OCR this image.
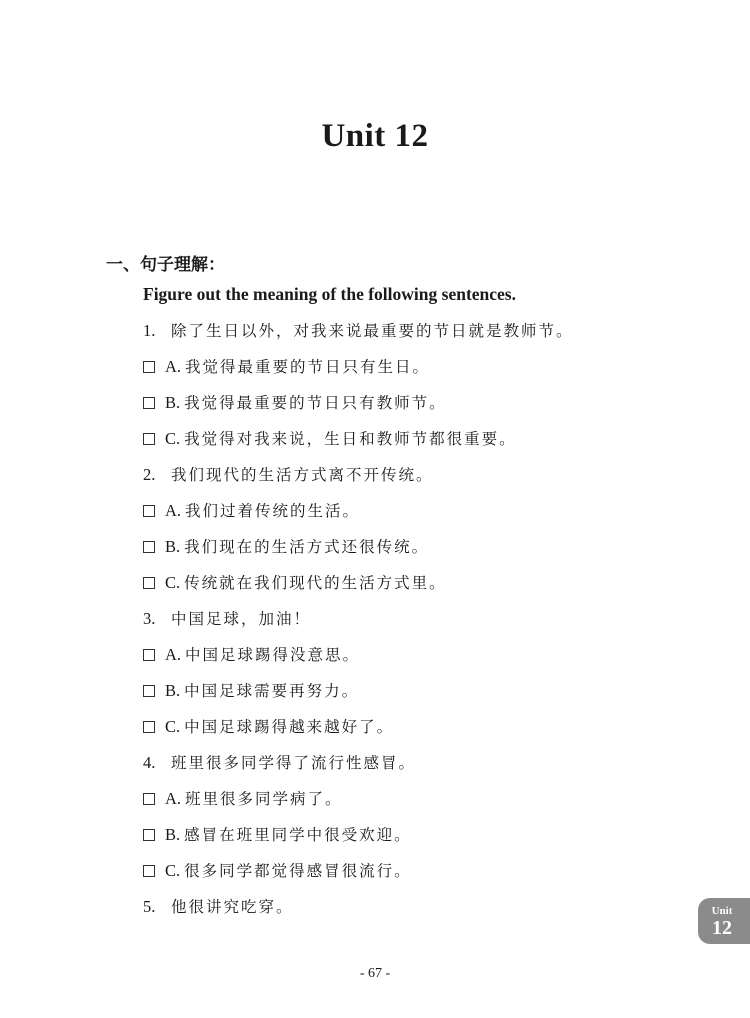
Unit 12
一、句子理解：

Figure out the meaning of the following sentences.

1.	除了生日以外，对我来说最重要的节日就是教师节。
A. 我觉得最重要的节日只有生日。
B. 我觉得最重要的节日只有教师节。
C. 我觉得对我来说，生日和教师节都很重要。
2.	我们现代的生活方式离不开传统。
A. 我们过着传统的生活。
B. 我们现在的生活方式还很传统。
C. 传统就在我们现代的生活方式里。
3.	中国足球，加油！
A. 中国足球踢得没意思。
B. 中国足球需要再努力。
C. 中国足球踢得越来越好了。
4.	班里很多同学得了流行性感冒。
A. 班里很多同学病了。
B. 感冒在班里同学中很受欢迎。
C. 很多同学都觉得感冒很流行。
5.	他很讲究吃穿。	Unit
12
- 67 -
